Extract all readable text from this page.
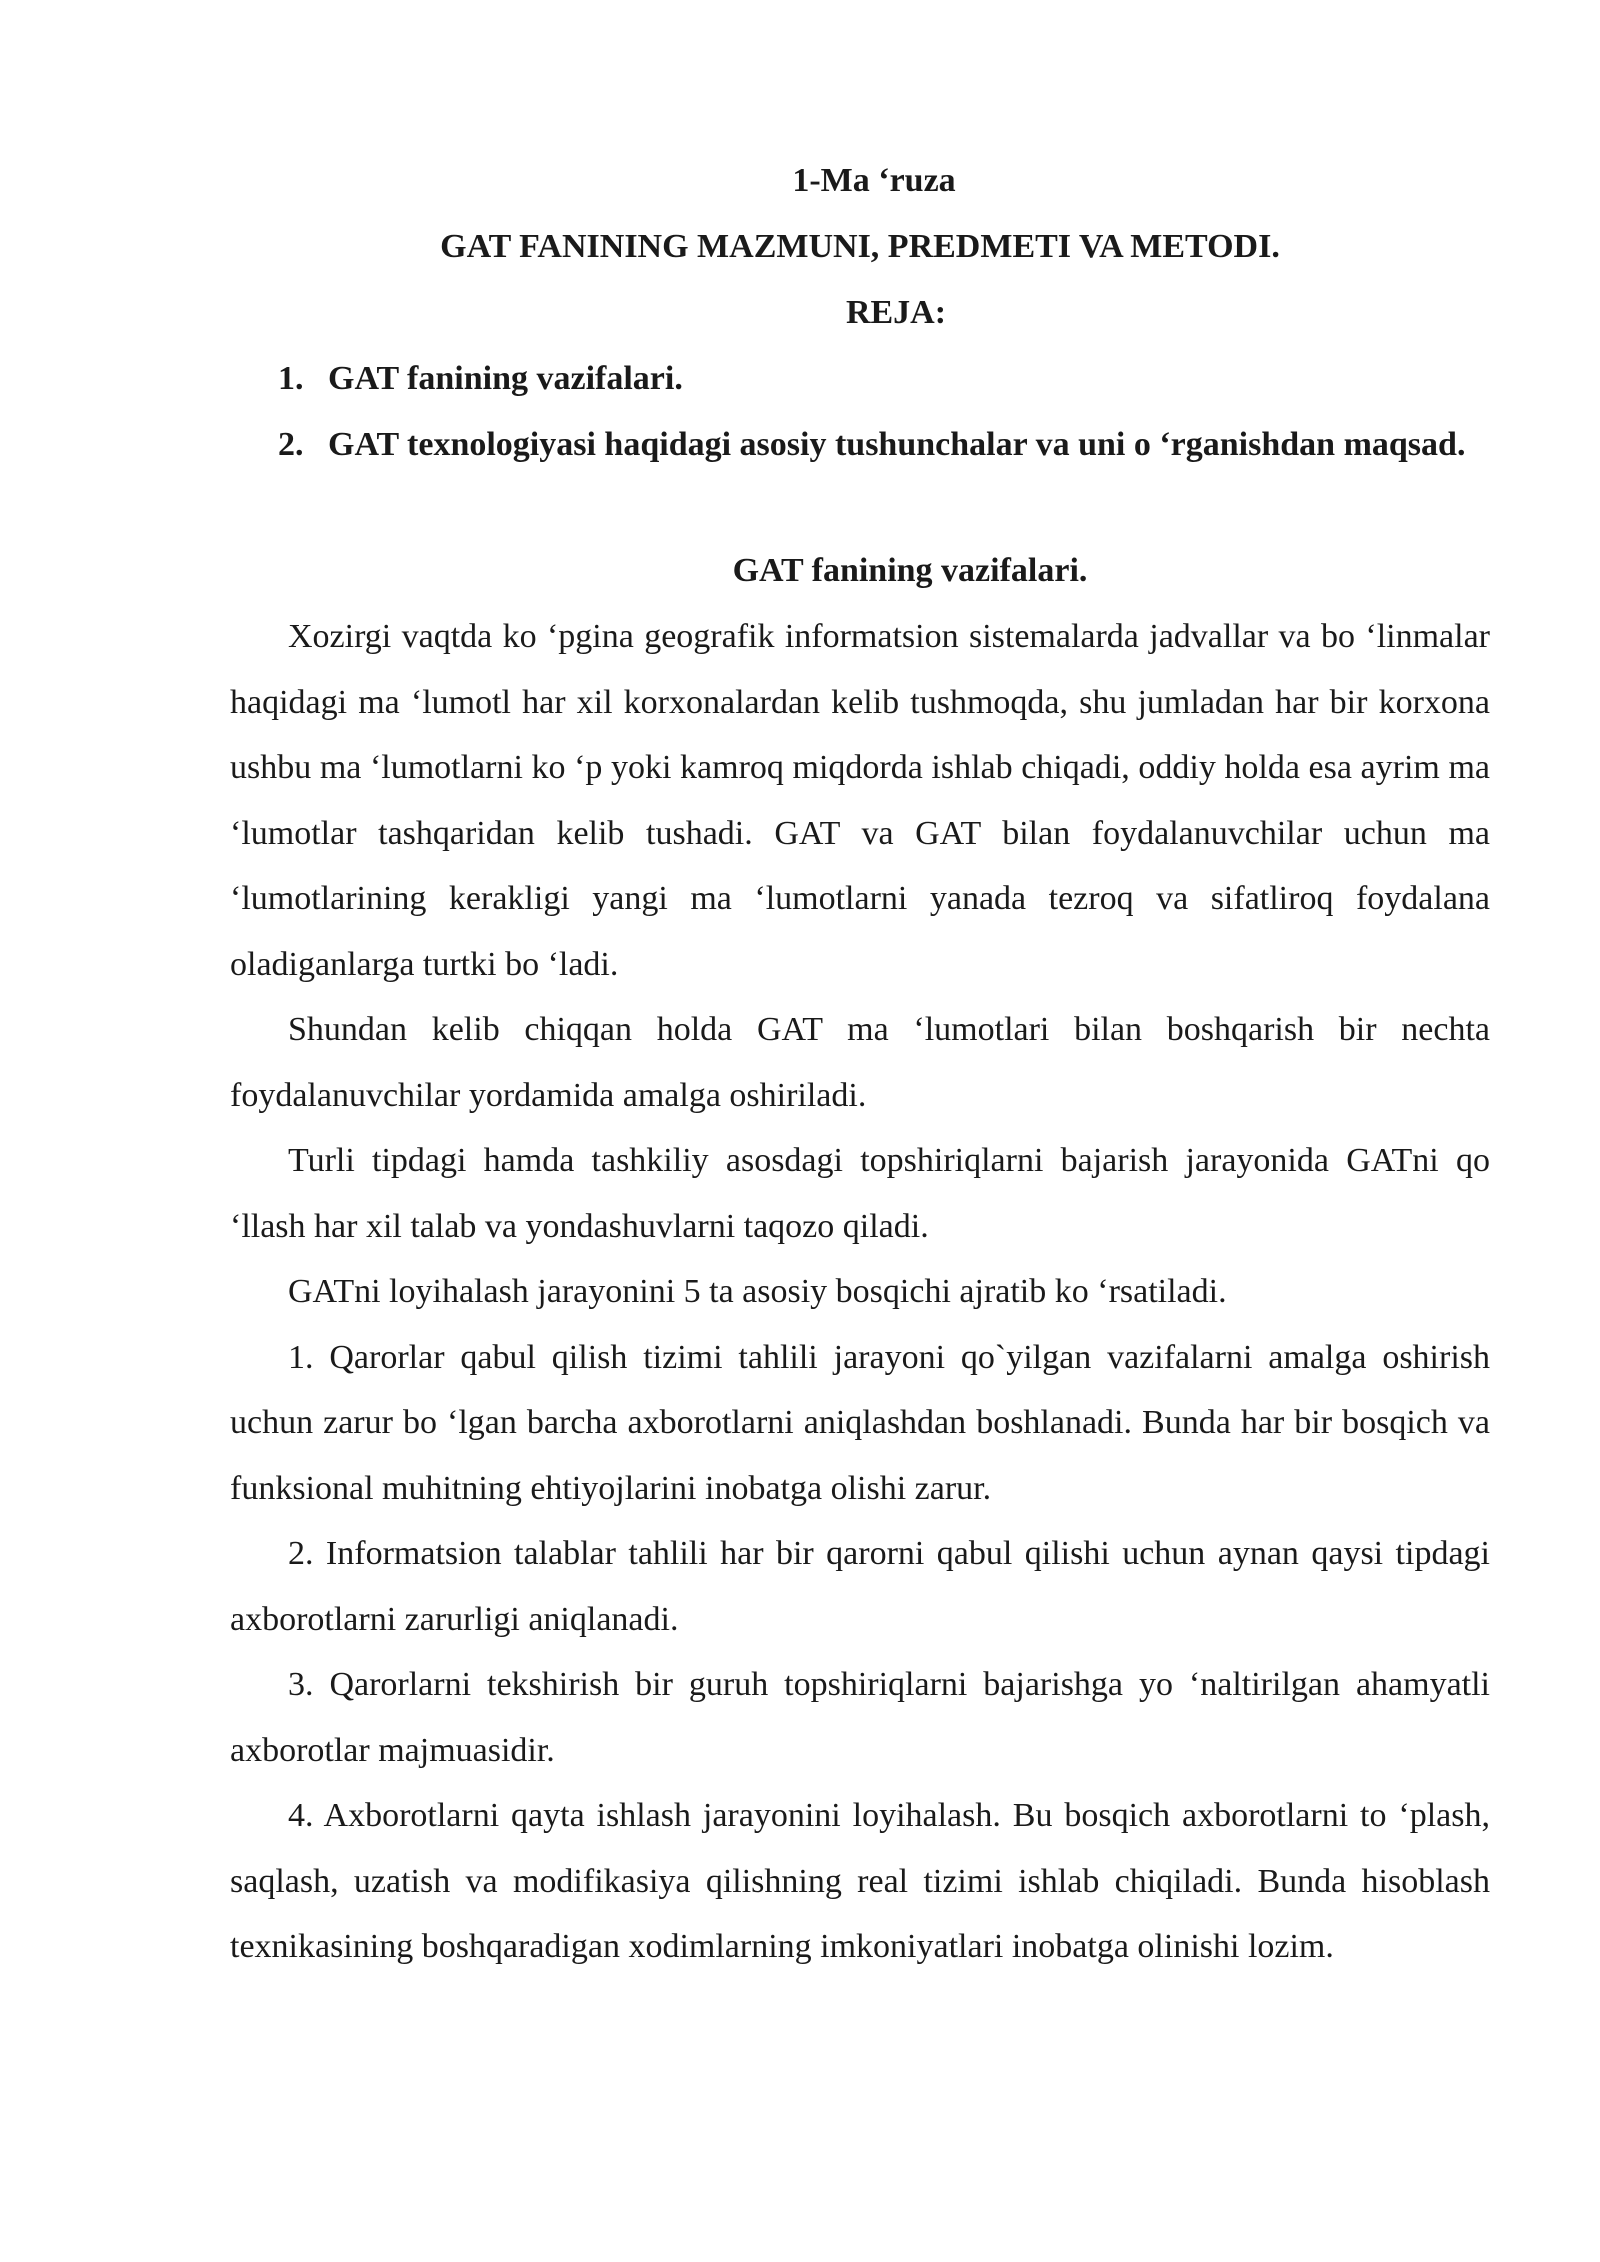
1-Ma ‘ruza

GAT FANINING MAZMUNI, PREDMETI VA METODI.

REJA:

1. GAT fanining vazifalari.
2. GAT texnologiyasi haqidagi asosiy tushunchalar va uni o ‘rganishdan maqsad.

GAT fanining vazifalari.

Xozirgi vaqtda ko ‘pgina geografik informatsion sistemalarda jadvallar va bo ‘linmalar haqidagi ma ‘lumotl har xil korxonalardan kelib tushmoqda, shu jumladan har bir korxona ushbu ma ‘lumotlarni ko ‘p yoki kamroq miqdorda ishlab chiqadi, oddiy holda esa ayrim ma ‘lumotlar tashqaridan kelib tushadi. GAT va GAT bilan foydalanuvchilar uchun ma ‘lumotlarining kerakligi yangi ma ‘lumotlarni yanada tezroq va sifatliroq foydalana oladiganlarga turtki bo ‘ladi.

Shundan kelib chiqqan holda GAT ma ‘lumotlari bilan boshqarish bir nechta foydalanuvchilar yordamida amalga oshiriladi.

Turli tipdagi hamda tashkiliy asosdagi topshiriqlarni bajarish jarayonida GATni qo ‘llash har xil talab va yondashuvlarni taqozo qiladi.

GATni loyihalash jarayonini 5 ta asosiy bosqichi ajratib ko ‘rsatiladi.

1. Qarorlar qabul qilish tizimi tahlili jarayoni qo`yilgan vazifalarni amalga oshirish uchun zarur bo ‘lgan barcha axborotlarni aniqlashdan boshlanadi. Bunda har bir bosqich va funksional muhitning ehtiyojlarini inobatga olishi zarur.

2. Informatsion talablar tahlili har bir qarorni qabul qilishi uchun aynan qaysi tipdagi axborotlarni zarurligi aniqlanadi.

3. Qarorlarni tekshirish bir guruh topshiriqlarni bajarishga yo ‘naltirilgan ahamyatli axborotlar majmuasidir.

4. Axborotlarni qayta ishlash jarayonini loyihalash. Bu bosqich axborotlarni to ‘plash, saqlash, uzatish va modifikasiya qilishning real tizimi ishlab chiqiladi. Bunda hisoblash texnikasining boshqaradigan xodimlarning imkoniyatlari inobatga olinishi lozim.
